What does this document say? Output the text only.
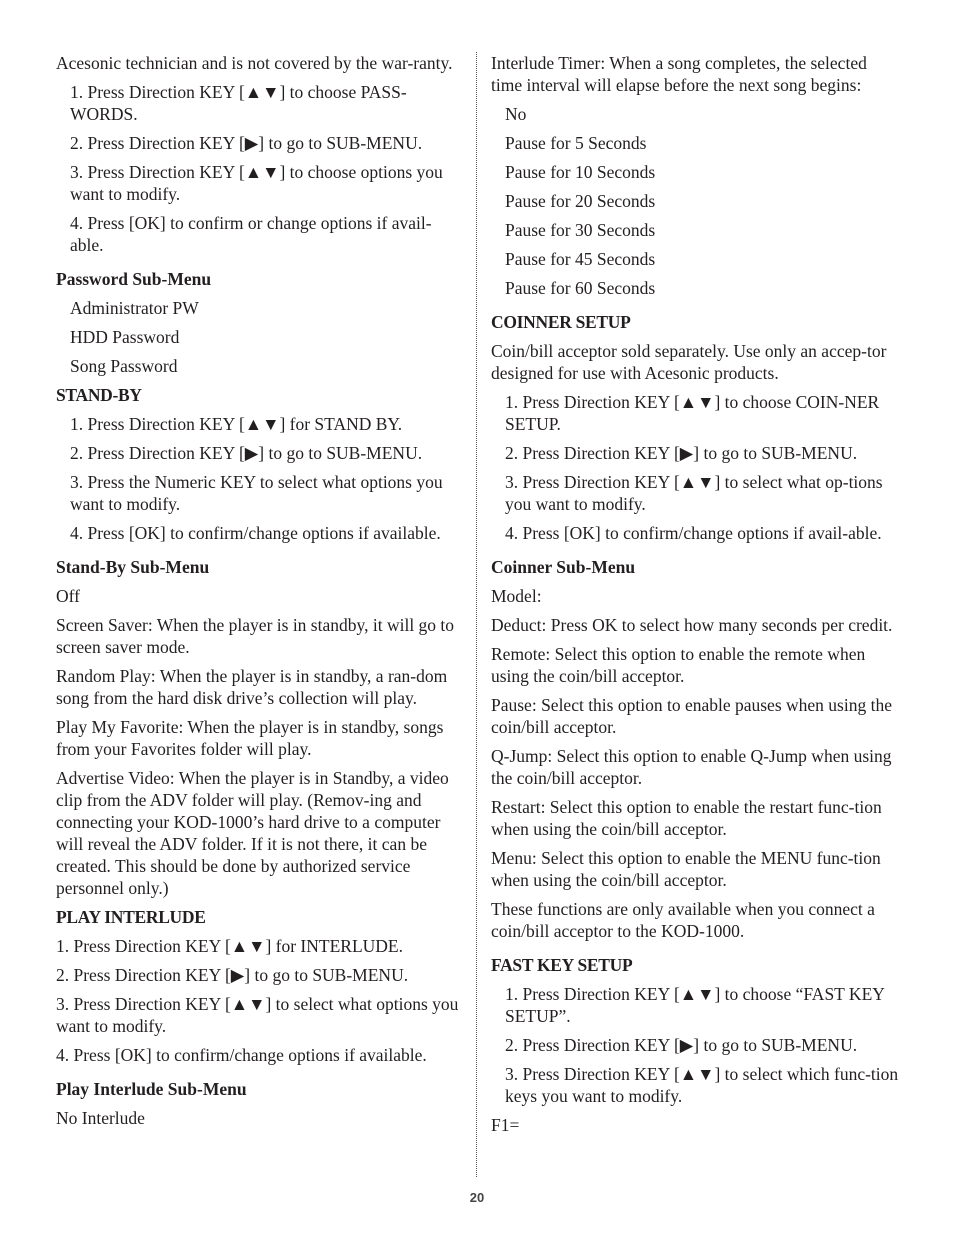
Acesonic technician and is not covered by the war-ranty.

1. Press Direction KEY [▲▼] to choose PASS-WORDS.

2. Press Direction KEY [▶] to go to SUB-MENU.

3. Press Direction KEY [▲▼] to choose options you want to modify.

4. Press [OK] to confirm or change options if avail-able.

Password Sub-Menu

Administrator PW

HDD Password

Song Password

STAND-BY

1. Press Direction KEY [▲▼] for STAND BY.

2. Press Direction KEY [▶] to go to SUB-MENU.

3. Press the Numeric KEY to select what options you want to modify.

4. Press [OK] to confirm/change options if available.

Stand-By Sub-Menu

Off

Screen Saver: When the player is in standby, it will go to screen saver mode.

Random Play: When the player is in standby, a ran-dom song from the hard disk drive’s collection will play.

Play My Favorite: When the player is in standby, songs from your Favorites folder will play.

Advertise Video: When the player is in Standby, a video clip from the ADV folder will play. (Remov-ing and connecting your KOD-1000’s hard drive to a computer will reveal the ADV folder. If it is not there, it can be created. This should be done by authorized service personnel only.)

PLAY INTERLUDE

1. Press Direction KEY [▲▼] for INTERLUDE.

2. Press Direction KEY [▶] to go to SUB-MENU.

3. Press Direction KEY [▲▼] to select what options you want to modify.

4. Press [OK] to confirm/change options if available.

Play Interlude Sub-Menu

No Interlude

Interlude Timer: When a song completes, the selected time interval will elapse before the next song begins:

No

Pause for 5 Seconds

Pause for 10 Seconds

Pause for 20 Seconds

Pause for 30 Seconds

Pause for 45 Seconds

Pause for 60 Seconds

COINNER SETUP

Coin/bill acceptor sold separately. Use only an accep-tor designed for use with Acesonic products.

1. Press Direction KEY [▲▼] to choose COIN-NER SETUP.

2. Press Direction KEY [▶] to go to SUB-MENU.

3. Press Direction KEY [▲▼] to select what op-tions you want to modify.

4. Press [OK] to confirm/change options if avail-able.

Coinner Sub-Menu

Model:

Deduct: Press OK to select how many seconds per credit.

Remote: Select this option to enable the remote when using the coin/bill acceptor.

Pause: Select this option to enable pauses when using the coin/bill acceptor.

Q-Jump: Select this option to enable Q-Jump when using the coin/bill acceptor.

Restart: Select this option to enable the restart func-tion when using the coin/bill acceptor.

Menu: Select this option to enable the MENU func-tion when using the coin/bill acceptor.

These functions are only available when you connect a coin/bill acceptor to the KOD-1000.

FAST KEY SETUP

1. Press Direction KEY [▲▼] to choose “FAST KEY SETUP”.

2. Press Direction KEY [▶] to go to SUB-MENU.

3. Press Direction KEY [▲▼] to select which func-tion keys you want to modify.

F1=

20
